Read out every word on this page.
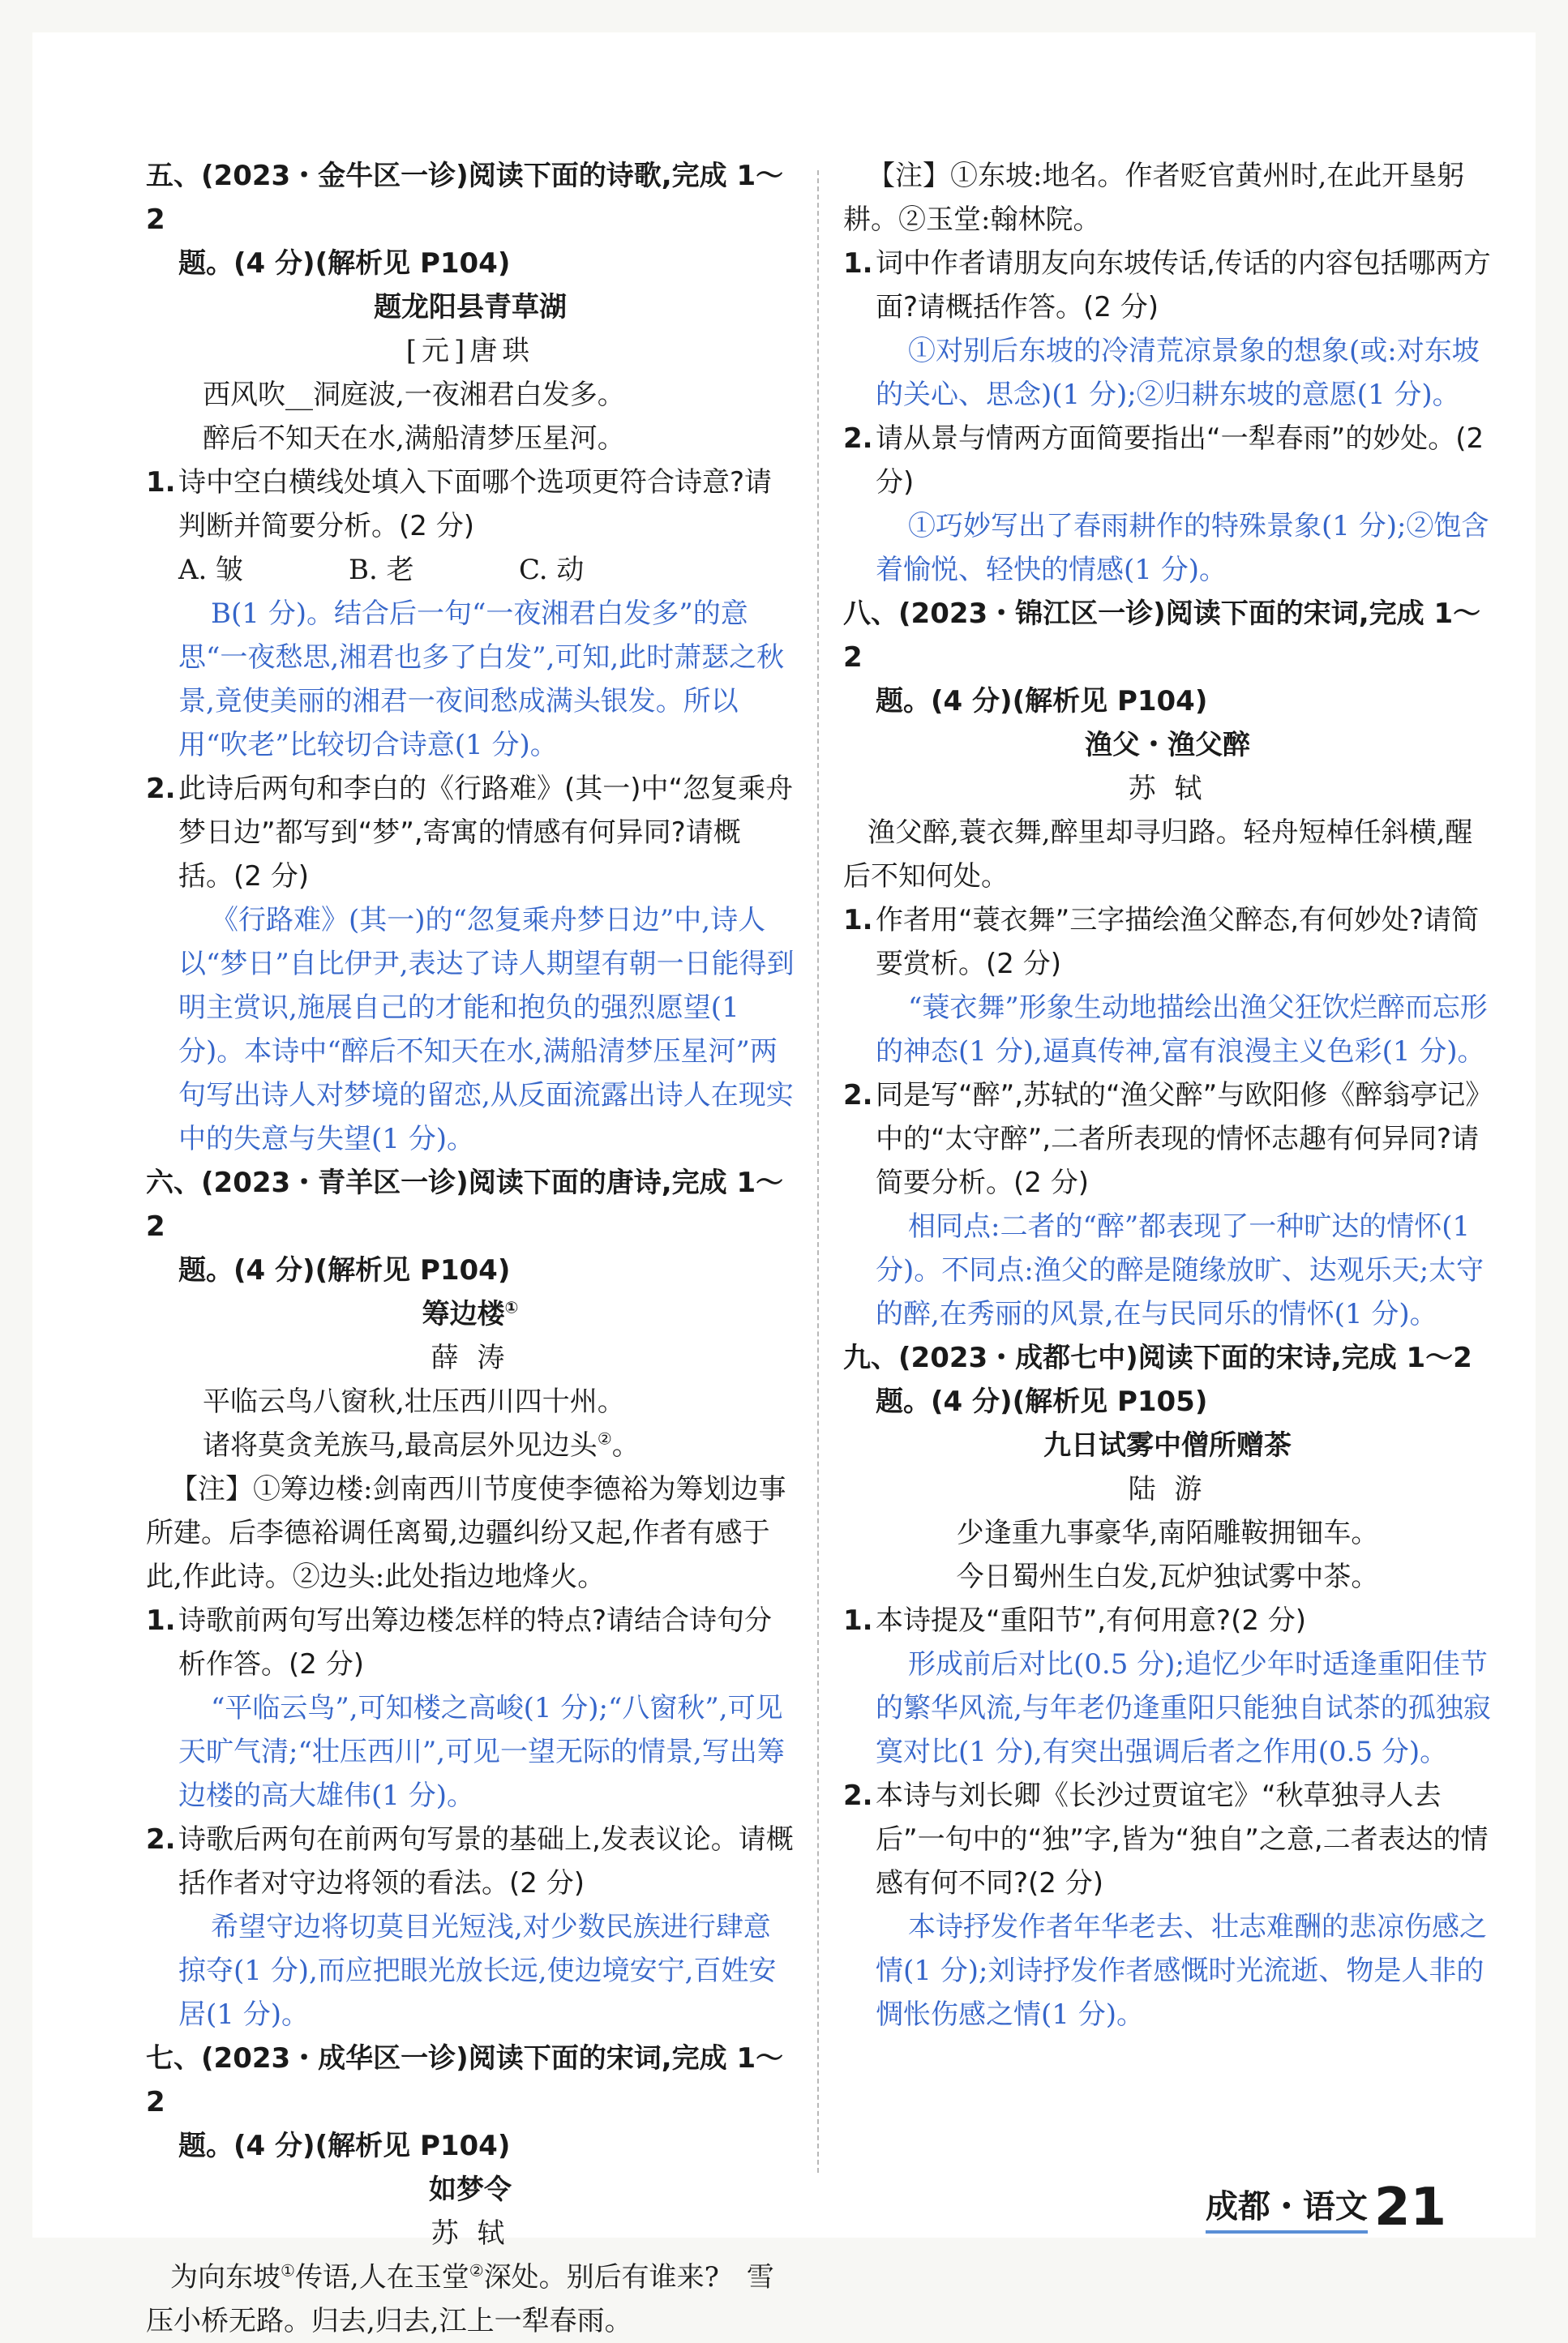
五、(2023・金牛区一诊)阅读下面的诗歌,完成 1～2

题。(4 分)(解析见 P104)

题龙阳县青草湖

[元]唐珙

西风吹__洞庭波,一夜湘君白发多。

醉后不知天在水,满船清梦压星河。

1. 诗中空白横线处填入下面哪个选项更符合诗意?请判断并简要分析。(2 分)

A. 皱	B. 老	C. 动

B(1 分)。结合后一句“一夜湘君白发多”的意思“一夜愁思,湘君也多了白发”,可知,此时萧瑟之秋景,竟使美丽的湘君一夜间愁成满头银发。所以用“吹老”比较切合诗意(1 分)。

2. 此诗后两句和李白的《行路难》(其一)中“忽复乘舟梦日边”都写到“梦”,寄寓的情感有何异同?请概括。(2 分)

《行路难》(其一)的“忽复乘舟梦日边”中,诗人以“梦日”自比伊尹,表达了诗人期望有朝一日能得到明主赏识,施展自己的才能和抱负的强烈愿望(1 分)。本诗中“醉后不知天在水,满船清梦压星河”两句写出诗人对梦境的留恋,从反面流露出诗人在现实中的失意与失望(1 分)。

六、(2023・青羊区一诊)阅读下面的唐诗,完成 1～2

题。(4 分)(解析见 P104)

筹边楼①

薛 涛

平临云鸟八窗秋,壮压西川四十州。

诸将莫贪羌族马,最高层外见边头②。

【注】①筹边楼:剑南西川节度使李德裕为筹划边事所建。后李德裕调任离蜀,边疆纠纷又起,作者有感于此,作此诗。②边头:此处指边地烽火。

1. 诗歌前两句写出筹边楼怎样的特点?请结合诗句分析作答。(2 分)

“平临云鸟”,可知楼之高峻(1 分);“八窗秋”,可见天旷气清;“壮压西川”,可见一望无际的情景,写出筹边楼的高大雄伟(1 分)。

2. 诗歌后两句在前两句写景的基础上,发表议论。请概括作者对守边将领的看法。(2 分)

希望守边将切莫目光短浅,对少数民族进行肆意掠夺(1 分),而应把眼光放长远,使边境安宁,百姓安居(1 分)。

七、(2023・成华区一诊)阅读下面的宋词,完成 1～2

题。(4 分)(解析见 P104)

如梦令

苏 轼

为向东坡①传语,人在玉堂②深处。别后有谁来?　雪压小桥无路。归去,归去,江上一犁春雨。

【注】①东坡:地名。作者贬官黄州时,在此开垦躬耕。②玉堂:翰林院。

1. 词中作者请朋友向东坡传话,传话的内容包括哪两方面?请概括作答。(2 分)

①对别后东坡的冷清荒凉景象的想象(或:对东坡的关心、思念)(1 分);②归耕东坡的意愿(1 分)。

2. 请从景与情两方面简要指出“一犁春雨”的妙处。(2 分)

①巧妙写出了春雨耕作的特殊景象(1 分);②饱含着愉悦、轻快的情感(1 分)。

八、(2023・锦江区一诊)阅读下面的宋词,完成 1～2

题。(4 分)(解析见 P104)

渔父・渔父醉

苏 轼

渔父醉,蓑衣舞,醉里却寻归路。轻舟短棹任斜横,醒后不知何处。

1. 作者用“蓑衣舞”三字描绘渔父醉态,有何妙处?请简要赏析。(2 分)

“蓑衣舞”形象生动地描绘出渔父狂饮烂醉而忘形的神态(1 分),逼真传神,富有浪漫主义色彩(1 分)。

2. 同是写“醉”,苏轼的“渔父醉”与欧阳修《醉翁亭记》中的“太守醉”,二者所表现的情怀志趣有何异同?请简要分析。(2 分)

相同点:二者的“醉”都表现了一种旷达的情怀(1 分)。不同点:渔父的醉是随缘放旷、达观乐天;太守的醉,在秀丽的风景,在与民同乐的情怀(1 分)。

九、(2023・成都七中)阅读下面的宋诗,完成 1～2

题。(4 分)(解析见 P105)

九日试雾中僧所赠茶

陆 游

少逢重九事豪华,南陌雕鞍拥钿车。

今日蜀州生白发,瓦炉独试雾中茶。

1. 本诗提及“重阳节”,有何用意?(2 分)

形成前后对比(0.5 分);追忆少年时适逢重阳佳节的繁华风流,与年老仍逢重阳只能独自试茶的孤独寂寞对比(1 分),有突出强调后者之作用(0.5 分)。

2. 本诗与刘长卿《长沙过贾谊宅》“秋草独寻人去后”一句中的“独”字,皆为“独自”之意,二者表达的情感有何不同?(2 分)

本诗抒发作者年华老去、壮志难酬的悲凉伤感之情(1 分);刘诗抒发作者感慨时光流逝、物是人非的惆怅伤感之情(1 分)。

成都・语文 21
